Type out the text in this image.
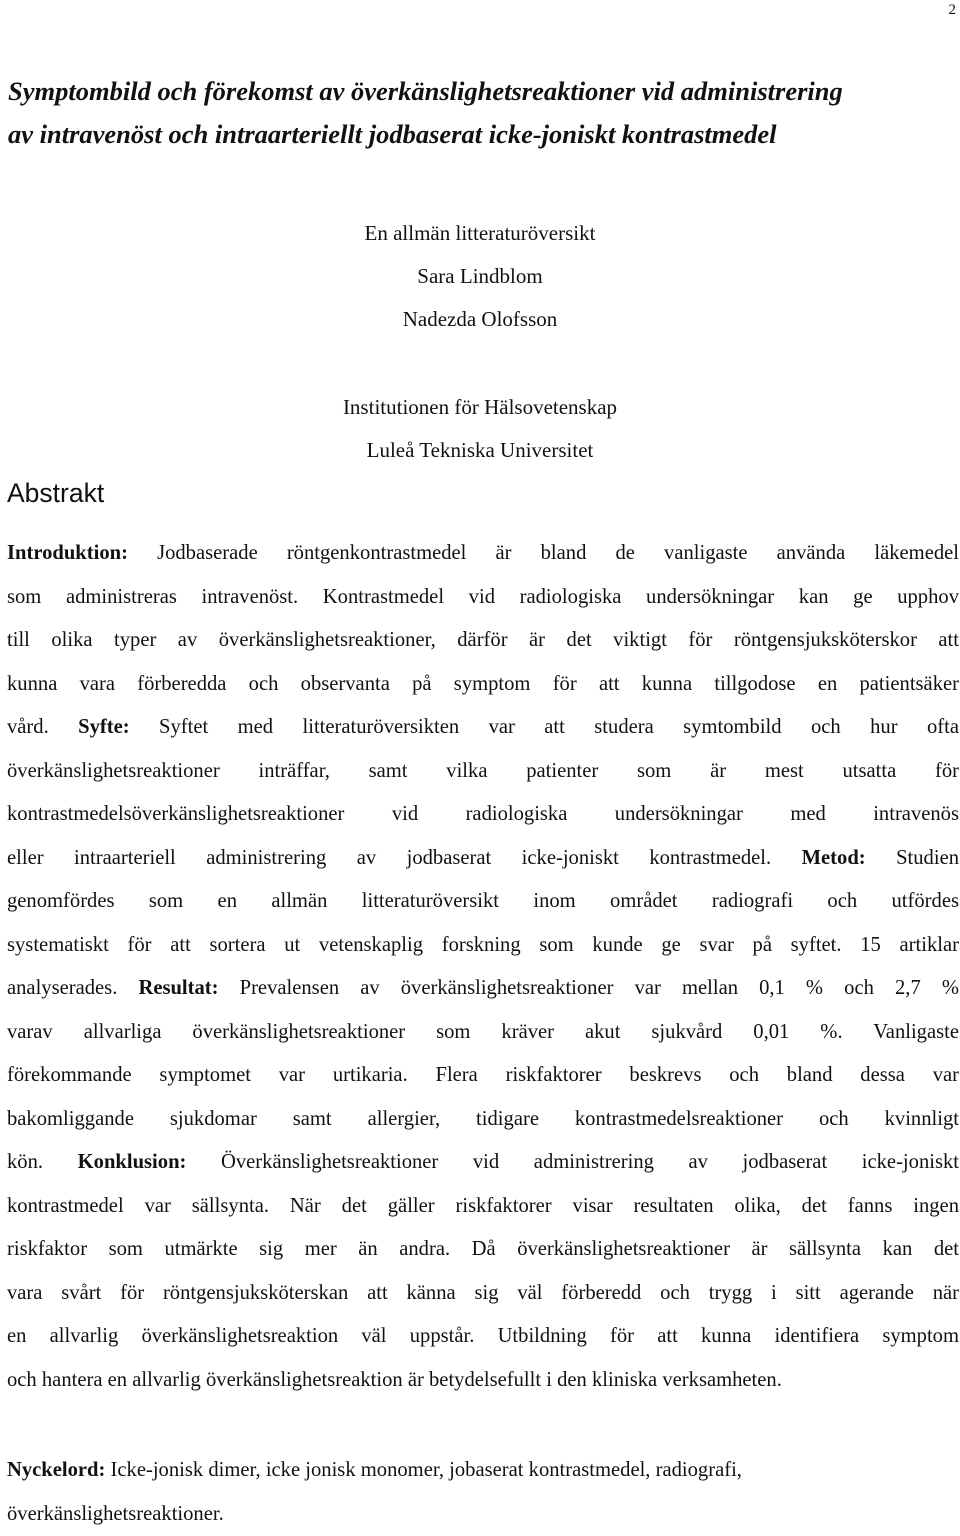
2
Symptombild och förekomst av överkänslighetsreaktioner vid administrering
av intravenöst och intraarteriellt jodbaserat icke-joniskt kontrastmedel
En allmän litteraturöversikt
Sara Lindblom
Nadezda Olofsson
Institutionen för Hälsovetenskap
Luleå Tekniska Universitet
Abstrakt

Introduktion: Jodbaserade röntgenkontrastmedel är bland de vanligaste använda läkemedel
som administreras intravenöst. Kontrastmedel vid radiologiska undersökningar kan ge upphov
till olika typer av överkänslighetsreaktioner, därför är det viktigt för röntgensjuksköterskor att
kunna vara förberedda och observanta på symptom för att kunna tillgodose en patientsäker
vård. Syfte: Syftet med litteraturöversikten var att studera symtombild och hur ofta
överkänslighetsreaktioner inträffar, samt vilka patienter som är mest utsatta för
kontrastmedelsöverkänslighetsreaktioner vid radiologiska undersökningar med intravenös
eller intraarteriell administrering av jodbaserat icke-joniskt kontrastmedel. Metod: Studien
genomfördes som en allmän litteraturöversikt inom området radiografi och utfördes
systematiskt för att sortera ut vetenskaplig forskning som kunde ge svar på syftet. 15 artiklar
analyserades. Resultat: Prevalensen av överkänslighetsreaktioner var mellan 0,1 % och 2,7 %
varav allvarliga överkänslighetsreaktioner som kräver akut sjukvård 0,01 %. Vanligaste
förekommande symptomet var urtikaria. Flera riskfaktorer beskrevs och bland dessa var
bakomliggande sjukdomar samt allergier, tidigare kontrastmedelsreaktioner och kvinnligt
kön. Konklusion: Överkänslighetsreaktioner vid administrering av jodbaserat icke-joniskt
kontrastmedel var sällsynta. När det gäller riskfaktorer visar resultaten olika, det fanns ingen
riskfaktor som utmärkte sig mer än andra. Då överkänslighetsreaktioner är sällsynta kan det
vara svårt för röntgensjuksköterskan att känna sig väl förberedd och trygg i sitt agerande när
en allvarlig överkänslighetsreaktion väl uppstår. Utbildning för att kunna identifiera symptom
och hantera en allvarlig överkänslighetsreaktion är betydelsefullt i den kliniska verksamheten.

Nyckelord: Icke-jonisk dimer, icke jonisk monomer, jobaserat kontrastmedel, radiografi,
överkänslighetsreaktioner.
